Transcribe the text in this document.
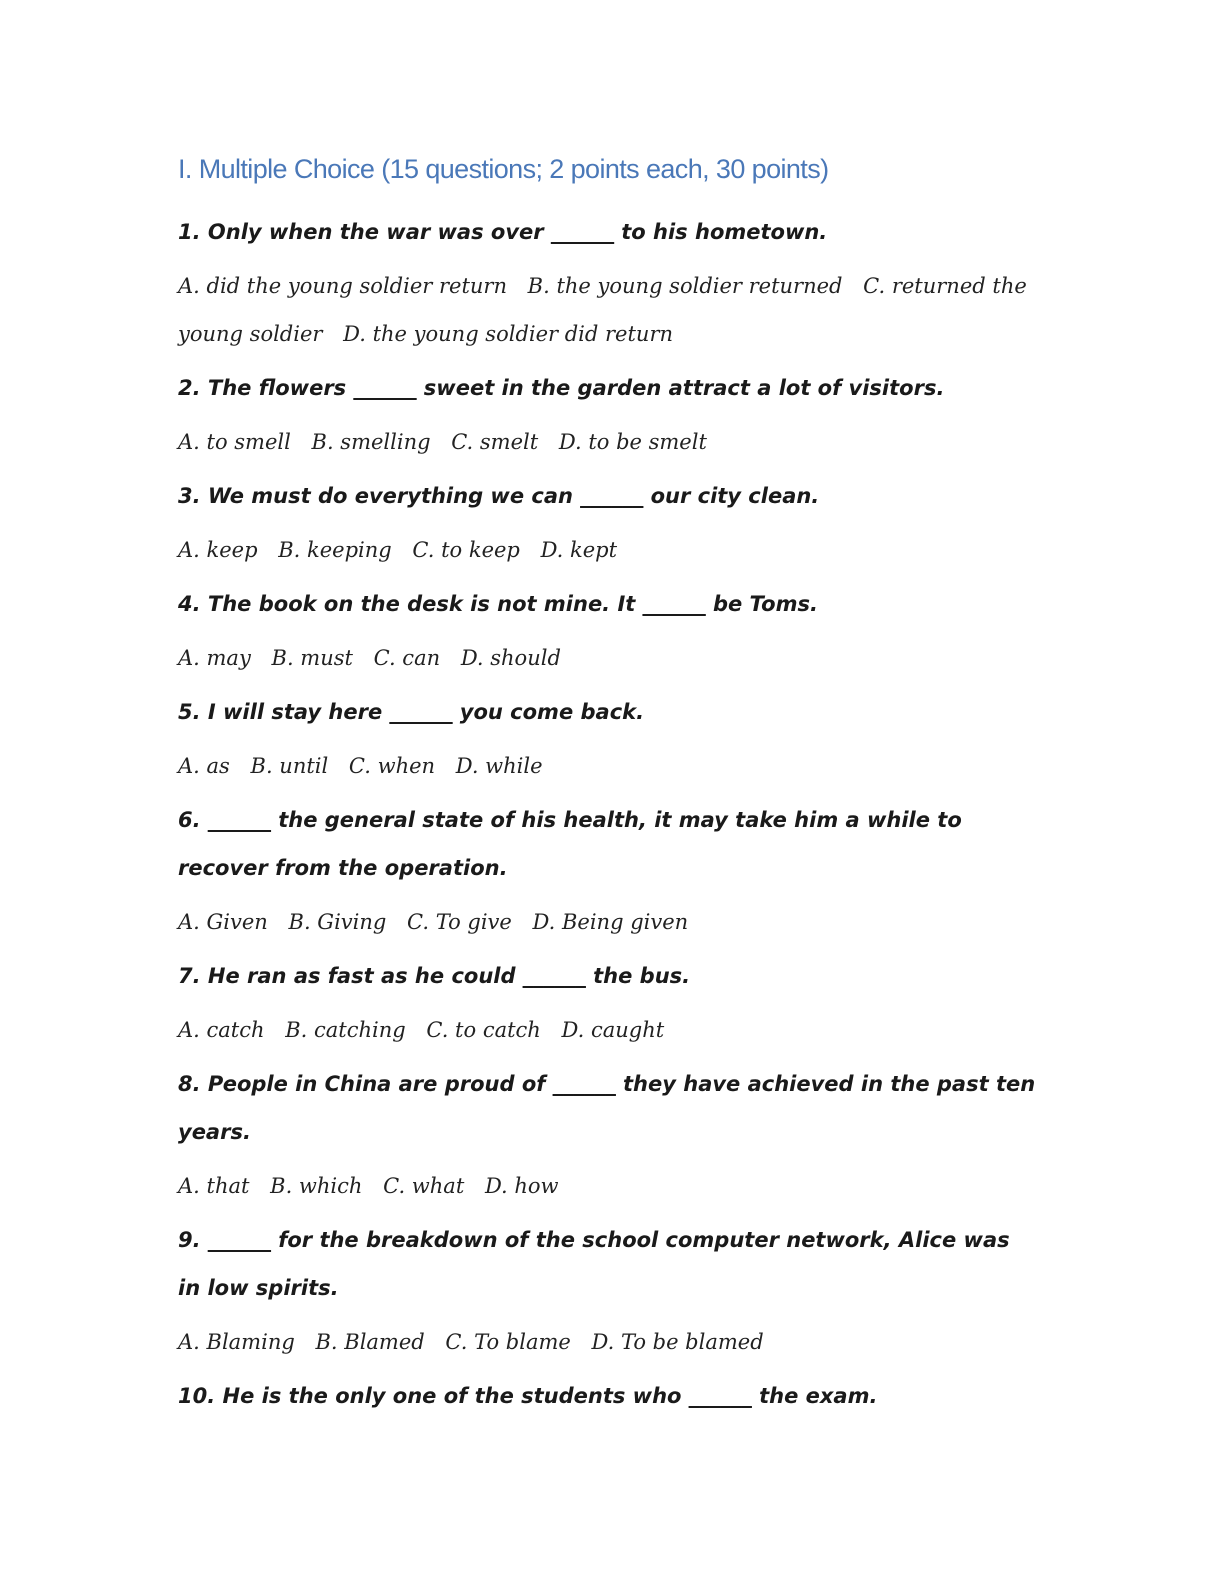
I. Multiple Choice (15 questions; 2 points each, 30 points)
1. Only when the war was over ______ to his hometown.
A. did the young soldier return B. the young soldier returned C. returned the young soldier D. the young soldier did return
2. The flowers ______ sweet in the garden attract a lot of visitors.
A. to smell B. smelling C. smelt D. to be smelt
3. We must do everything we can ______ our city clean.
A. keep B. keeping C. to keep D. kept
4. The book on the desk is not mine. It ______ be Toms.
A. may B. must C. can D. should
5. I will stay here ______ you come back.
A. as B. until C. when D. while
6. ______ the general state of his health, it may take him a while to recover from the operation.
A. Given B. Giving C. To give D. Being given
7. He ran as fast as he could ______ the bus.
A. catch B. catching C. to catch D. caught
8. People in China are proud of ______ they have achieved in the past ten years.
A. that B. which C. what D. how
9. ______ for the breakdown of the school computer network, Alice was in low spirits.
A. Blaming B. Blamed C. To blame D. To be blamed
10. He is the only one of the students who ______ the exam.
